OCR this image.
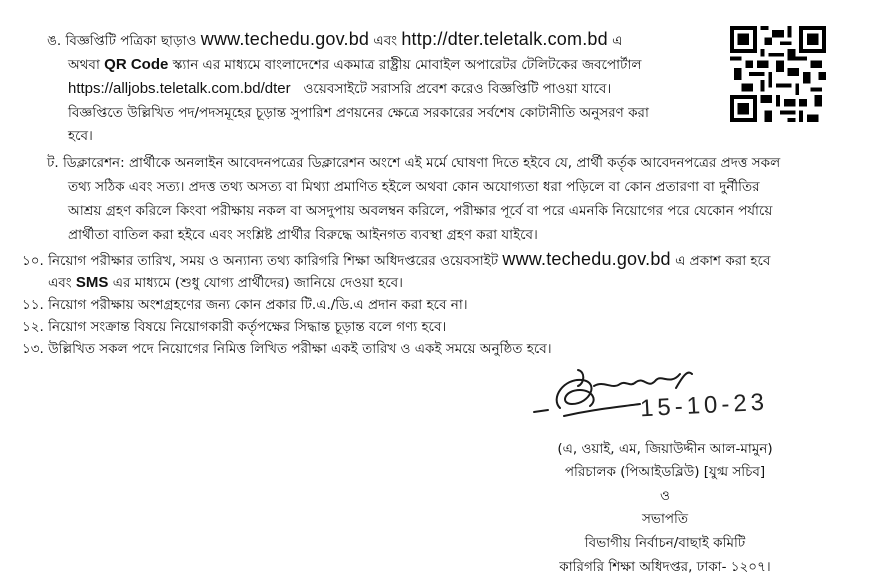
ঙ. বিজ্ঞপ্তিটি পত্রিকা ছাড়াও www.techedu.gov.bd এবং http://dter.teletalk.com.bd এ
অথবা QR Code স্ক্যান এর মাধ্যমে বাংলাদেশের একমাত্র রাষ্ট্রীয় মোবাইল অপারেটর টেলিটকের জবপোর্টাল
https://alljobs.teletalk.com.bd/dter ওয়েবসাইটে সরাসরি প্রবেশ করেও বিজ্ঞপ্তিটি পাওয়া যাবে।
বিজ্ঞপ্তিতে উল্লিখিত পদ/পদসমূহের চূড়ান্ত সুপারিশ প্রণয়নের ক্ষেত্রে সরকারের সর্বশেষ কোটানীতি অনুসরণ করা
হবে।
ট. ডিক্লারেশন: প্রার্থীকে অনলাইন আবেদনপত্রের ডিক্লারেশন অংশে এই মর্মে ঘোষণা দিতে হইবে যে, প্রার্থী কর্তৃক আবেদনপত্রের প্রদত্ত সকল
তথ্য সঠিক এবং সত্য। প্রদত্ত তথ্য অসত্য বা মিথ্যা প্রমাণিত হইলে অথবা কোন অযোগ্যতা ধরা পড়িলে বা কোন প্রতারণা বা দুর্নীতির
আশ্রয় গ্রহণ করিলে কিংবা পরীক্ষায় নকল বা অসদুপায় অবলম্বন করিলে, পরীক্ষার পূর্বে বা পরে এমনকি নিয়োগের পরে যেকোন পর্যায়ে
প্রার্থীতা বাতিল করা হইবে এবং সংশ্লিষ্ট প্রার্থীর বিরুদ্ধে আইনগত ব্যবস্থা গ্রহণ করা যাইবে।
১০. নিয়োগ পরীক্ষার তারিখ, সময় ও অন্যান্য তথ্য কারিগরি শিক্ষা অধিদপ্তরের ওয়েবসাইট www.techedu.gov.bd এ প্রকাশ করা হবে
এবং SMS এর মাধ্যমে (শুধু যোগ্য প্রার্থীদের) জানিয়ে দেওয়া হবে।
১১. নিয়োগ পরীক্ষায় অংশগ্রহণের জন্য কোন প্রকার টি.এ./ডি.এ প্রদান করা হবে না।
১২. নিয়োগ সংক্রান্ত বিষয়ে নিয়োগকারী কর্তৃপক্ষের সিদ্ধান্ত চূড়ান্ত বলে গণ্য হবে।
১৩. উল্লিখিত সকল পদে নিয়োগের নিমিত্ত লিখিত পরীক্ষা একই তারিখ ও একই সময়ে অনুষ্ঠিত হবে।
15-10-23
(এ, ওয়াই, এম, জিয়াউদ্দীন আল-মামুন)
পরিচালক (পিআইডব্লিউ) [যুগ্ম সচিব]
ও
সভাপতি
বিভাগীয় নির্বাচন/বাছাই কমিটি
কারিগরি শিক্ষা অধিদপ্তর, ঢাকা- ১২০৭।
